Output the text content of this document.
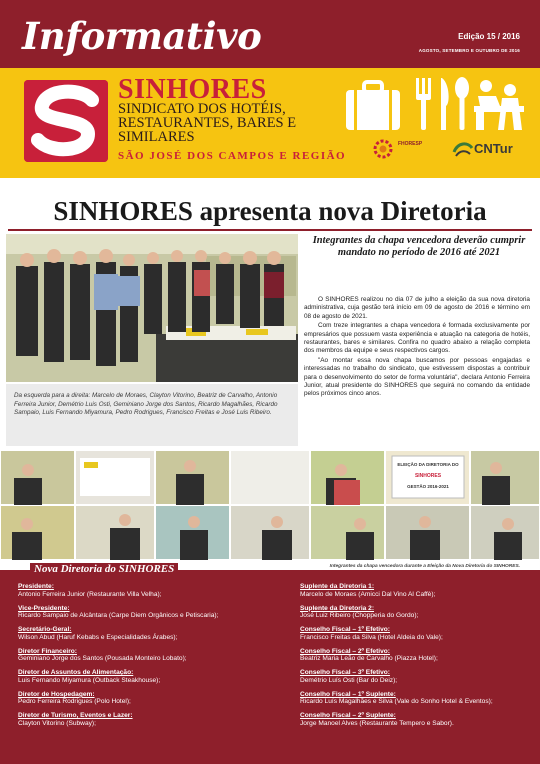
Informativo	Edição 15 / 2016
AGOSTO, SETEMBRO E OUTUBRO DE 2016
SINHORES
SINDICATO DOS HOTÉIS, RESTAURANTES, BARES E SIMILARES
SÃO JOSÉ DOS CAMPOS E REGIÃO
FHORESP	CNTur
SINHORES apresenta nova Diretoria
Da esquerda para a direita: Marcelo de Moraes, Clayton Vitorino, Beatriz de Carvalho, Antonio Ferreira Junior, Demétrio Luis Osti, Geminiano Jorge dos Santos, Ricardo Magalhães, Ricardo Sampaio, Luis Fernando Miyamura, Pedro Rodrigues, Francisco Freitas e José Luis Ribeiro.
Integrantes da chapa vencedora deverão cumprir mandato no período de 2016 até 2021

O SINHORES realizou no dia 07 de julho a eleição da sua nova diretoria administrativa, cuja gestão terá início em 09 de agosto de 2016 e término em 08 de agosto de 2021.

Com treze integrantes a chapa vencedora é formada exclusivamente por empresários que possuem vasta experiência e atuação na categoria de hotéis, restaurantes, bares e similares. Confira no quadro abaixo a relação completa dos membros da equipe e seus respectivos cargos.

"Ao montar essa nova chapa buscamos por pessoas engajadas e interessadas no trabalho do sindicato, que estivessem dispostas a contribuir para o desenvolvimento do setor de forma voluntária", declara Antonio Ferreira Junior, atual presidente do SINHORES que seguirá no comando da entidade pelos próximos cinco anos.

ELEIÇÃO DA DIRETORIA DO
SINHORES
GESTÃO 2016-2021
Integrantes da chapa vencedora durante a Eleição da Nova Diretoria do SINHORES.
Nova Diretoria do SINHORES
Presidente:
Antonio Ferreira Junior (Restaurante Villa Velha);
Vice-Presidente:
Ricardo Sampaio de Alcântara (Carpe Diem Orgânicos e Petiscaria);
Secretário-Geral:
Wilson Abud (Haruf Kebabs e Especialidades Árabes);
Diretor Financeiro:
Geminiano Jorge dos Santos (Pousada Monteiro Lobato);
Diretor de Assuntos de Alimentação:
Luis Fernando Miyamura (Outback Steakhouse);
Diretor de Hospedagem:
Pedro Ferreira Rodrigues (Polo Hotel);
Diretor de Turismo, Eventos e Lazer:
Clayton Vitorino (Subway);
Suplente da Diretoria 1:
Marcelo de Moraes (Amicci Dal Vino Al Caffè);
Suplente da Diretoria 2:
José Luiz Ribeiro (Chopperia do Gordo);
Conselho Fiscal – 1º Efetivo:
Francisco Freitas da Silva (Hotel Aldeia do Vale);
Conselho Fiscal – 2º Efetivo:
Beatriz Maria Leão de Carvalho (Piazza Hotel);
Conselho Fiscal – 3º Efetivo:
Demétrio Luís Osti (Bar do Deiz);
Conselho Fiscal – 1º Suplente:
Ricardo Luís Magalhães e Silva (Vale do Sonho Hotel & Eventos);
Conselho Fiscal – 2º Suplente:
Jorge Manoel Alves (Restaurante Tempero e Sabor).
